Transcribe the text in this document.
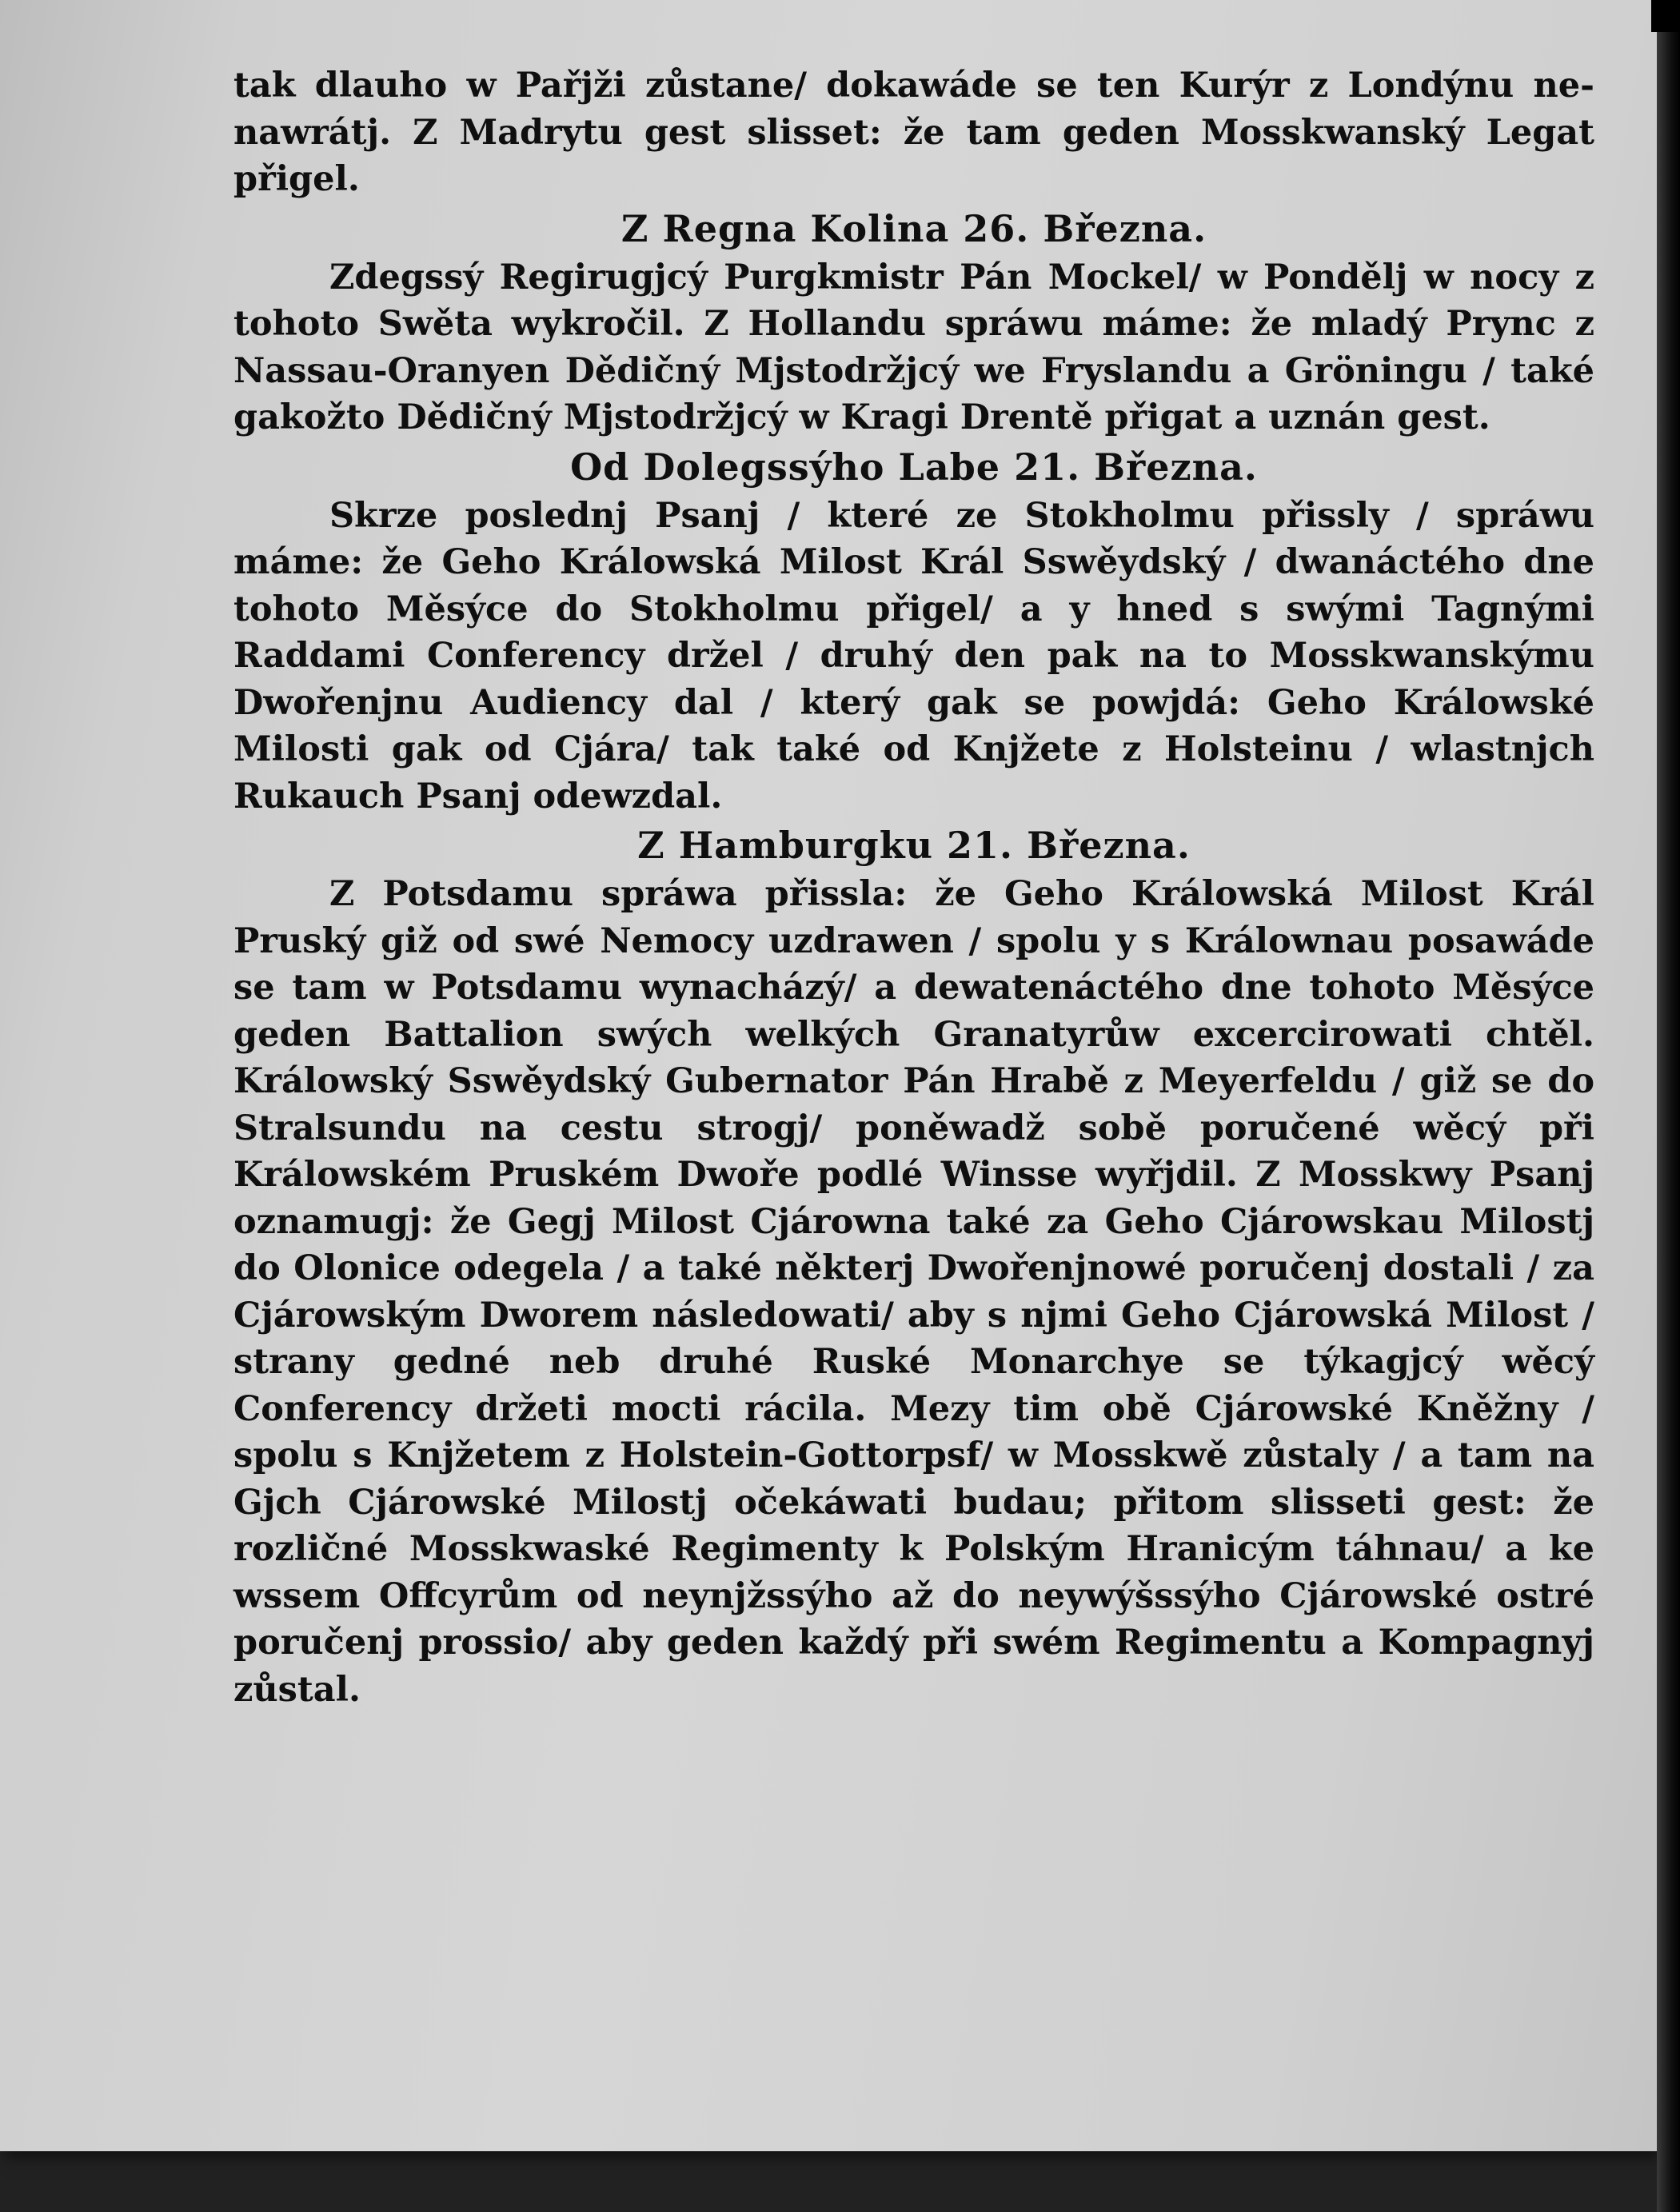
tak dlauho w Pařjži zůstane/ dokawáde se ten Kurýr z Londýnu ne-nawrátj. Z Madrytu gest slisset: že tam geden Mosskwanský Legat přigel.

Z Regna Kolina 26. Března.

Zdegssý Regirugjcý Purgkmistr Pán Mockel/ w Pondělj w nocy z tohoto Swěta wykročil. Z Hollandu spráwu máme: že mladý Prync z Nassau-Oranyen Dědičný Mjstodržjcý we Fryslandu a Gröningu / také gakožto Dědičný Mjstodržjcý w Kragi Drentě přigat a uznán gest.

Od Dolegssýho Labe 21. Března.

Skrze poslednj Psanj / které ze Stokholmu přissly / spráwu máme: že Geho Králowská Milost Král Sswěydský / dwanáctého dne tohoto Měsýce do Stokholmu přigel/ a y hned s swými Tagnými Raddami Conferency držel / druhý den pak na to Mosskwanskýmu Dwořenjnu Audiency dal / který gak se powjdá: Geho Králowské Milosti gak od Cjára/ tak také od Knjžete z Holsteinu / wlastnjch Rukauch Psanj odewzdal.

Z Hamburgku 21. Března.

Z Potsdamu spráwa přissla: že Geho Králowská Milost Král Pruský giž od swé Nemocy uzdrawen / spolu y s Králownau posawáde se tam w Potsdamu wynacházý/ a dewatenáctého dne tohoto Měsýce geden Battalion swých welkých Granatyrůw excercirowati chtěl. Králowský Sswěydský Gubernator Pán Hrabě z Meyerfeldu / giž se do Stralsundu na cestu strogj/ poněwadž sobě poručené wěcý při Králowském Pruském Dwoře podlé Winsse wyřjdil. Z Mosskwy Psanj oznamugj: že Gegj Milost Cjárowna také za Geho Cjárowskau Milostj do Olonice odegela / a také některj Dwořenjnowé poručenj dostali / za Cjárowským Dworem následowati/ aby s njmi Geho Cjárowská Milost / strany gedné neb druhé Ruské Monarchye se týkagjcý wěcý Conferency držeti mocti rácila. Mezy tim obě Cjárowské Kněžny / spolu s Knjžetem z Holstein-Gottorpsf/ w Mosskwě zůstaly / a tam na Gjch Cjárowské Milostj očekáwati budau; přitom slisseti gest: že rozličné Mosskwaské Regimenty k Polským Hranicým táhnau/ a ke wssem Offcyrům od neynjžssýho až do neywýšssýho Cjárowské ostré poručenj prossio/ aby geden každý při swém Regimentu a Kompagnyj zůstal.
